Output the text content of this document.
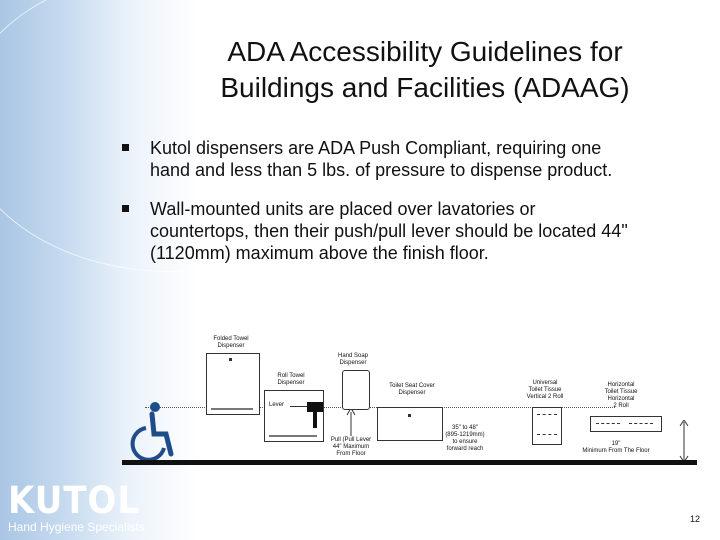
ADA Accessibility Guidelines for
Buildings and Facilities (ADAAG)
Kutol dispensers are ADA Push Compliant, requiring one
hand and less than 5 lbs. of pressure to dispense product.
Wall-mounted units are placed over lavatories or
countertops, then their push/pull lever should be located 44"
(1120mm) maximum above the finish floor.
Folded Towel
Dispenser
Roll Towel
Dispenser
Lever
Pull (Pull Lever
44" Maximum
From Floor
Hand Soap
Dispenser
Toilet Seat Cover
Dispenser
35" to 48"
(895-1219mm)
to ensure
forward reach
Universal
Toilet Tissue
Vertical 2 Roll
Horizontal
Toilet Tissue
Horizontal
2 Roll
19"
Minimum From The Floor
KUTOL
Hand Hygiene Specialists
12
